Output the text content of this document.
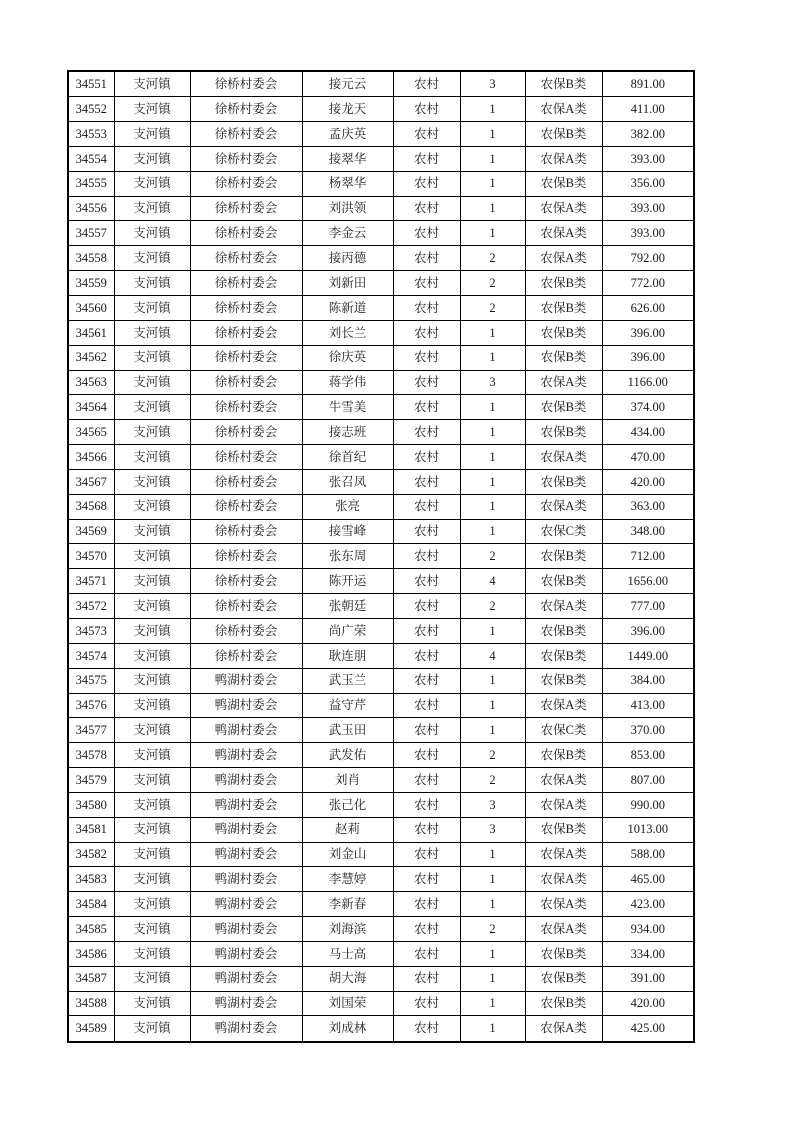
34551	支河镇	徐桥村委会	接元云	农村	3	农保B类	891.00
34552	支河镇	徐桥村委会	接龙天	农村	1	农保A类	411.00
34553	支河镇	徐桥村委会	孟庆英	农村	1	农保B类	382.00
34554	支河镇	徐桥村委会	接翠华	农村	1	农保A类	393.00
34555	支河镇	徐桥村委会	杨翠华	农村	1	农保B类	356.00
34556	支河镇	徐桥村委会	刘洪领	农村	1	农保A类	393.00
34557	支河镇	徐桥村委会	李金云	农村	1	农保A类	393.00
34558	支河镇	徐桥村委会	接丙德	农村	2	农保A类	792.00
34559	支河镇	徐桥村委会	刘新田	农村	2	农保B类	772.00
34560	支河镇	徐桥村委会	陈新道	农村	2	农保B类	626.00
34561	支河镇	徐桥村委会	刘长兰	农村	1	农保B类	396.00
34562	支河镇	徐桥村委会	徐庆英	农村	1	农保B类	396.00
34563	支河镇	徐桥村委会	蒋学伟	农村	3	农保A类	1166.00
34564	支河镇	徐桥村委会	牛雪美	农村	1	农保B类	374.00
34565	支河镇	徐桥村委会	接志班	农村	1	农保B类	434.00
34566	支河镇	徐桥村委会	徐首纪	农村	1	农保A类	470.00
34567	支河镇	徐桥村委会	张召凤	农村	1	农保B类	420.00
34568	支河镇	徐桥村委会	张亮	农村	1	农保A类	363.00
34569	支河镇	徐桥村委会	接雪峰	农村	1	农保C类	348.00
34570	支河镇	徐桥村委会	张东周	农村	2	农保B类	712.00
34571	支河镇	徐桥村委会	陈开运	农村	4	农保B类	1656.00
34572	支河镇	徐桥村委会	张朝廷	农村	2	农保A类	777.00
34573	支河镇	徐桥村委会	尚广荣	农村	1	农保B类	396.00
34574	支河镇	徐桥村委会	耿连朋	农村	4	农保B类	1449.00
34575	支河镇	鸭湖村委会	武玉兰	农村	1	农保B类	384.00
34576	支河镇	鸭湖村委会	益守芹	农村	1	农保A类	413.00
34577	支河镇	鸭湖村委会	武玉田	农村	1	农保C类	370.00
34578	支河镇	鸭湖村委会	武发佑	农村	2	农保B类	853.00
34579	支河镇	鸭湖村委会	刘肖	农村	2	农保A类	807.00
34580	支河镇	鸭湖村委会	张己化	农村	3	农保A类	990.00
34581	支河镇	鸭湖村委会	赵莉	农村	3	农保B类	1013.00
34582	支河镇	鸭湖村委会	刘金山	农村	1	农保A类	588.00
34583	支河镇	鸭湖村委会	李慧婷	农村	1	农保A类	465.00
34584	支河镇	鸭湖村委会	李新春	农村	1	农保A类	423.00
34585	支河镇	鸭湖村委会	刘海滨	农村	2	农保A类	934.00
34586	支河镇	鸭湖村委会	马士高	农村	1	农保B类	334.00
34587	支河镇	鸭湖村委会	胡大海	农村	1	农保B类	391.00
34588	支河镇	鸭湖村委会	刘国荣	农村	1	农保B类	420.00
34589	支河镇	鸭湖村委会	刘成林	农村	1	农保A类	425.00
